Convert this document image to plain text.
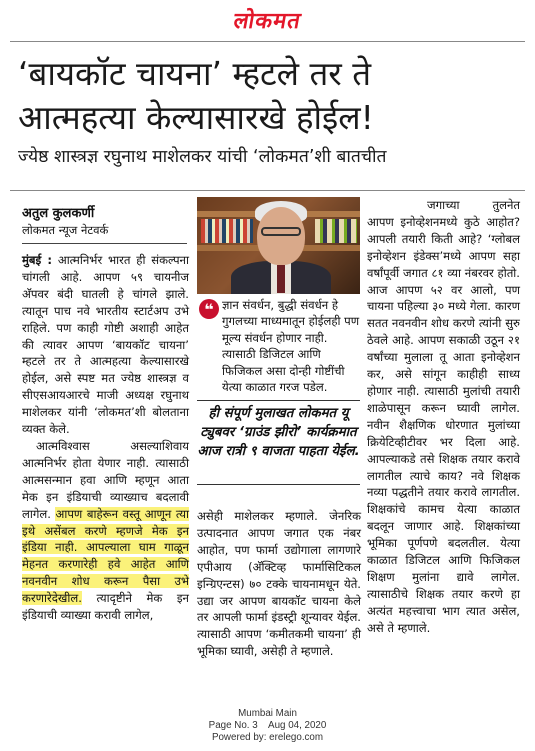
लोकमत
‘बायकॉट चायना’ म्हटले तर ते
आत्महत्या केल्यासारखे होईल!
ज्येष्ठ शास्त्रज्ञ रघुनाथ माशेलकर यांची ‘लोकमत’शी बातचीत
अतुल कुलकर्णी
लोकमत न्यूज नेटवर्क

मुंबई : आत्मनिर्भर भारत ही संकल्पना चांगली आहे. आपण ५९ चायनीज अ‍ॅपवर बंदी घातली हे चांगले झाले. त्यातून पाच नवे भारतीय स्टार्टअप उभे राहिले. पण काही गोष्टी अशाही आहेत की त्यावर आपण ‘बायकॉट चायना’ म्हटले तर ते आत्महत्या केल्यासारखे होईल, असे स्पष्ट मत ज्येष्ठ शास्त्रज्ञ व सीएसआयआरचे माजी अध्यक्ष रघुनाथ माशेलकर यांनी ‘लोकमत’शी बोलताना व्यक्त केले.

आत्मविश्वास असल्याशिवाय आत्मनिर्भर होता येणार नाही. त्यासाठी आत्मसन्मान हवा आणि म्हणून आता मेक इन इंडियाची व्याख्याच बदलावी लागेल. आपण बाहेरून वस्तू आणून त्या इथे असेंबल करणे म्हणजे मेक इन इंडिया नाही. आपल्याला घाम गाळून मेहनत करणारेही हवे आहेत आणि नवनवीन शोध करून पैसा उभे करणारेदेखील. त्यादृष्टीने मेक इन इंडियाची व्याख्या करावी लागेल,

❝ ज्ञान संवर्धन, बुद्धी संवर्धन हे गुगलच्या माध्यमातून होईलही पण मूल्य संवर्धन होणार नाही. त्यासाठी डिजिटल आणि फिजिकल असा दोन्ही गोष्टींची येत्या काळात गरज पडेल.
ही संपूर्ण मुलाखत लोकमत यू ट्युबवर ‘ग्राउंड झीरो’ कार्यक्रमात आज रात्री ९ वाजता पाहता येईल.

असेही माशेलकर म्हणाले. जेनरिक उत्पादनात आपण जगात एक नंबर आहोत, पण फार्मा उद्योगाला लागणारे एपीआय (अ‍ॅक्टिव्ह फार्मासिटिकल इन्ग्रिएन्टस) ७० टक्के चायनामधून येते. उद्या जर आपण बायकॉट चायना केले तर आपली फार्मा इंडस्ट्री शून्यावर येईल. त्यासाठी आपण ‘कमीतकमी चायना’ ही भूमिका घ्यावी, असेही ते म्हणाले.

जगाच्या तुलनेत आपण इनोव्हेशनमध्ये कुठे आहोत? आपली तयारी किती आहे? ‘ग्लोबल इनोव्हेशन इंडेक्स’मध्ये आपण सहा वर्षांपूर्वी जगात ८१ व्या नंबरवर होतो. आज आपण ५२ वर आलो, पण चायना पहिल्या ३० मध्ये गेला. कारण सतत नवनवीन शोध करणे त्यांनी सुरु ठेवले आहे. आपण सकाळी उठून २१ वर्षांच्या मुलाला तू आता इनोव्हेशन कर, असे सांगून काहीही साध्य होणार नाही. त्यासाठी मुलांची तयारी शाळेपासून करून घ्यावी लागेल. नवीन शैक्षणिक धोरणात मुलांच्या क्रियेटिव्हीटीवर भर दिला आहे. आपल्याकडे तसे शिक्षक तयार करावे लागतील त्याचे काय? नवे शिक्षक नव्या पद्धतीने तयार करावे लागतील. शिक्षकांचे कामच येत्या काळात बदलून जाणार आहे. शिक्षकांच्या भूमिका पूर्णपणे बदलतील. येत्या काळात डिजिटल आणि फिजिकल शिक्षण मुलांना द्यावे लागेल. त्यासाठीचे शिक्षक तयार करणे हा अत्यंत महत्त्वाचा भाग त्यात असेल, असे ते म्हणाले.

Mumbai Main
Page No. 3    Aug 04, 2020
Powered by: erelego.com
